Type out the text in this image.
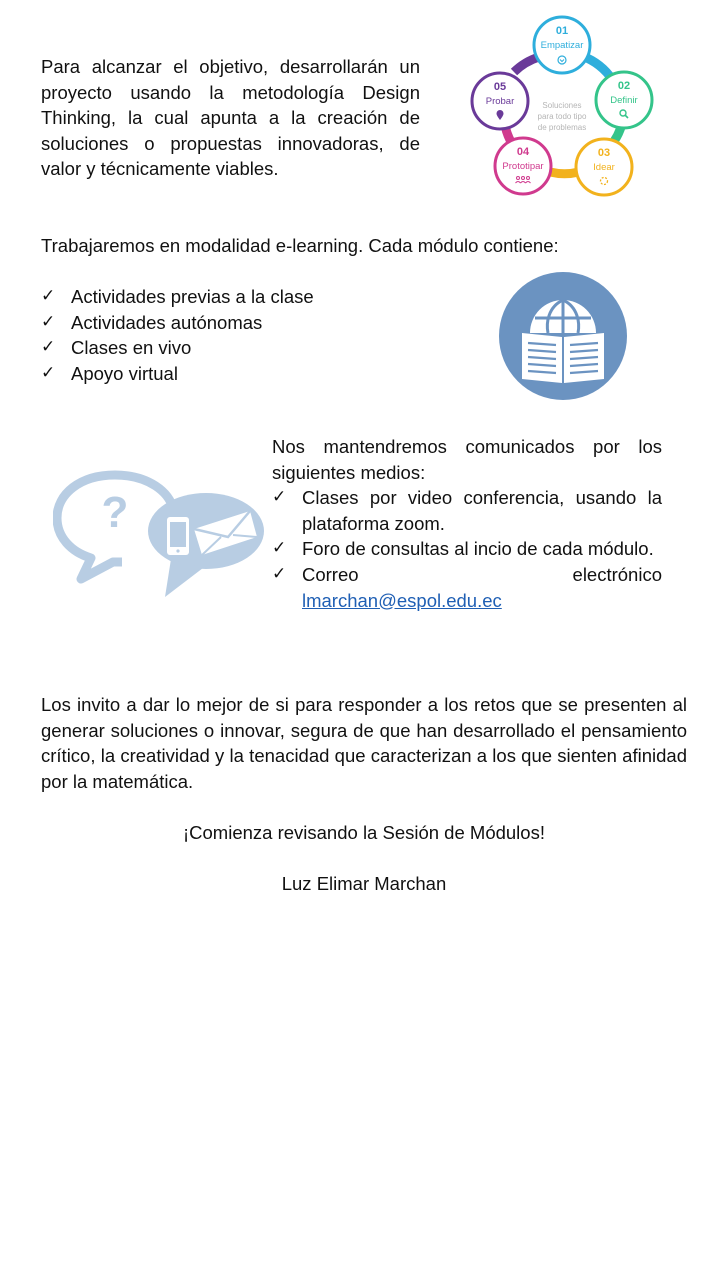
Para alcanzar el objetivo, desarrollarán un proyecto usando la metodología Design Thinking, la cual apunta a la creación de soluciones o propuestas innovadoras, de valor y técnicamente viables.

Soluciones
para todo tipo
de problemas
01
Empatizar
02
Definir
03
Idear
04
Prototipar
05
Probar

Trabajaremos en modalidad e-learning. Cada módulo contiene:

✓ Actividades previas a la clase
✓ Actividades autónomas
✓ Clases en vivo
✓ Apoyo virtual
?

Nos mantendremos comunicados por los siguientes medios:

✓ Clases por video conferencia, usando la plataforma zoom.
✓ Foro de consultas al incio de cada módulo.
✓ Correo	electrónico
lmarchan@espol.edu.ec

Los invito a dar lo mejor de si para responder a los retos que se presenten al generar soluciones o innovar, segura de que han desarrollado el pensamiento crítico, la creatividad y la tenacidad que caracterizan a los que sienten afinidad por la matemática.

¡Comienza revisando la Sesión de Módulos!

Luz Elimar Marchan
